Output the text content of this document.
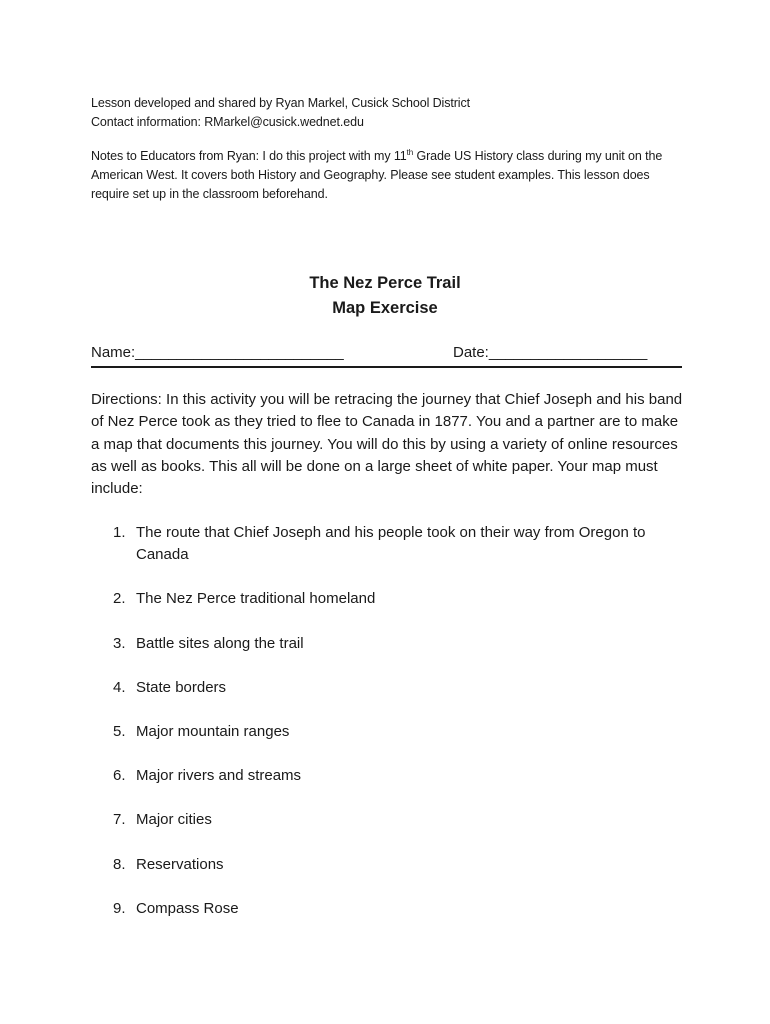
Lesson developed and shared by Ryan Markel, Cusick School District
Contact information: RMarkel@cusick.wednet.edu
Notes to Educators from Ryan: I do this project with my 11th Grade US History class during my unit on the American West. It covers both History and Geography. Please see student examples. This lesson does require set up in the classroom beforehand.
The Nez Perce Trail
Map Exercise
Name:_________________________	Date:___________________
Directions: In this activity you will be retracing the journey that Chief Joseph and his band of Nez Perce took as they tried to flee to Canada in 1877. You and a partner are to make a map that documents this journey. You will do this by using a variety of online resources as well as books. This all will be done on a large sheet of white paper. Your map must include:
1. The route that Chief Joseph and his people took on their way from Oregon to Canada
2. The Nez Perce traditional homeland
3. Battle sites along the trail
4. State borders
5. Major mountain ranges
6. Major rivers and streams
7. Major cities
8. Reservations
9. Compass Rose
